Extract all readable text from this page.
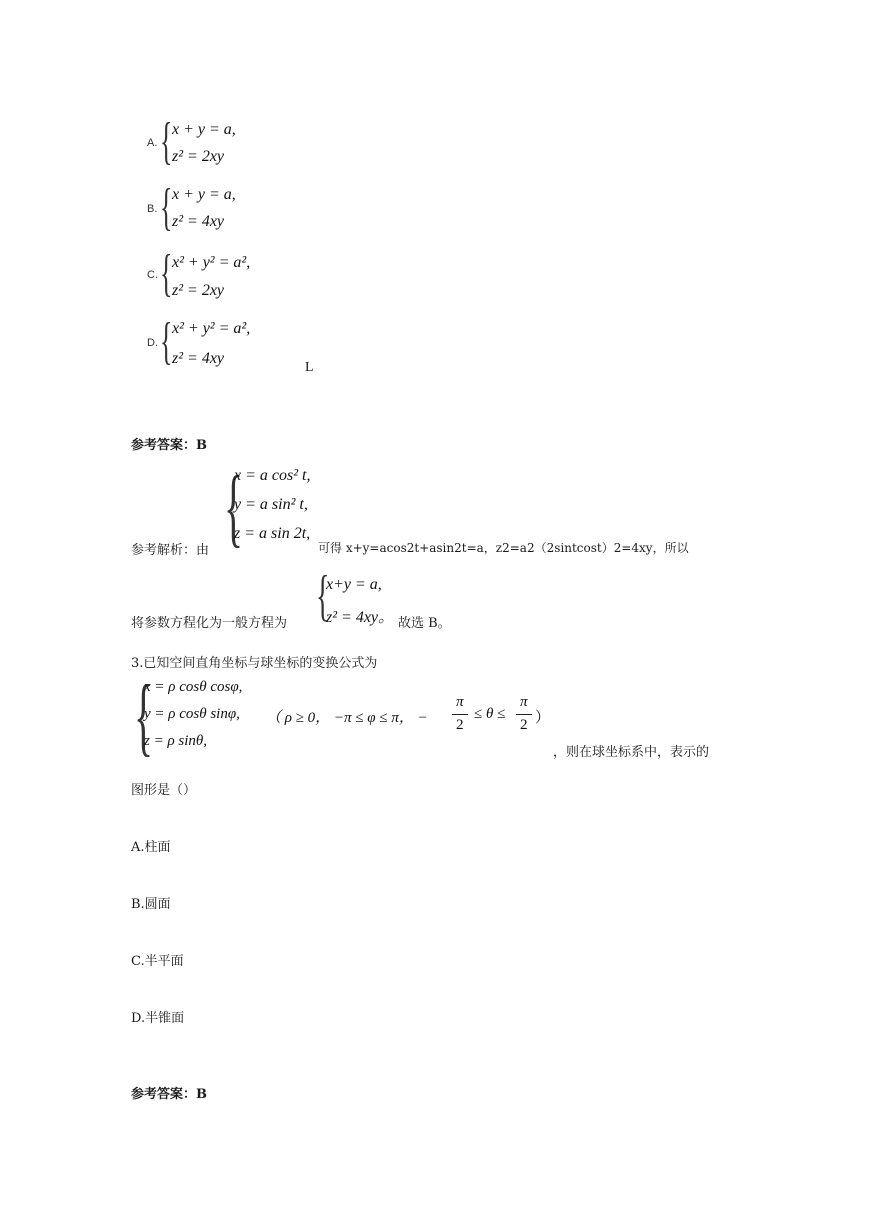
A. { x + y = a,
z² = 2xy
B. { x + y = a,
z² = 4xy
C. { x² + y² = a²,
z² = 2xy
D. { x² + y² = a²,
z² = 4xy
L
参考答案：B
参考解析：由 {
x = a cos² t,
y = a sin² t,
z = a sin 2t,
可得 x+y=acos2t+asin2t=a，z2=a2（2sintcost）2=4xy，所以
将参数方程化为一般方程为 {
x+y = a,
z² = 4xy。 故选 B。
3.已知空间直角坐标与球坐标的变换公式为
{
x = ρ cosθ cosφ,
y = ρ cosθ sinφ,
z = ρ sinθ,
（ ρ ≥ 0， −π ≤ φ ≤ π， −
π
2
≤ θ ≤
π
2 ）
，则在球坐标系中，表示的
图形是（）
A.柱面
B.圆面
C.半平面
D.半锥面
参考答案：B
